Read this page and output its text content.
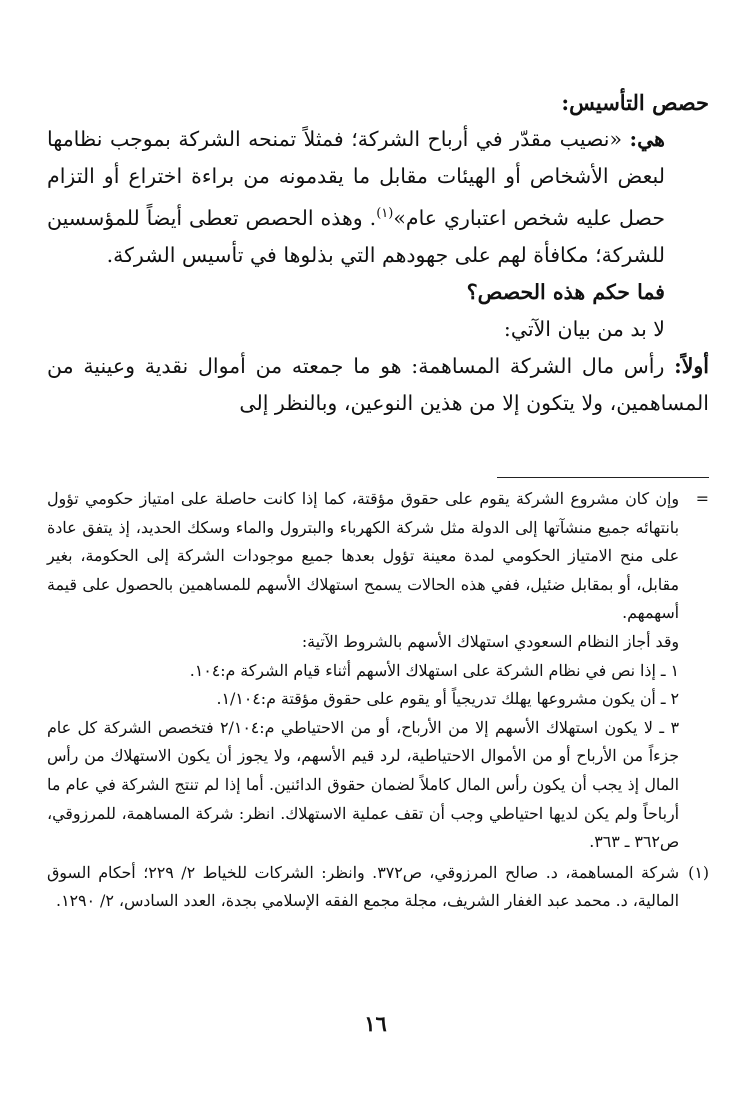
حصص التأسيس:

هي: «نصيب مقدّر في أرباح الشركة؛ فمثلاً تمنحه الشركة بموجب نظامها لبعض الأشخاص أو الهيئات مقابل ما يقدمونه من براءة اختراع أو التزام حصل عليه شخص اعتباري عام»$^{(١)}$. وهذه الحصص تعطى أيضاً للمؤسسين للشركة؛ مكافأة لهم على جهودهم التي بذلوها في تأسيس الشركة.

فما حكم هذه الحصص؟

لا بد من بيان الآتي:

أولاً: رأس مال الشركة المساهمة: هو ما جمعته من أموال نقدية وعينية من المساهمين، ولا يتكون إلا من هذين النوعين، وبالنظر إلى

=

وإن كان مشروع الشركة يقوم على حقوق مؤقتة، كما إذا كانت حاصلة على امتياز حكومي تؤول بانتهائه جميع منشآتها إلى الدولة مثل شركة الكهرباء والبترول والماء وسكك الحديد، إذ يتفق عادة على منح الامتياز الحكومي لمدة معينة تؤول بعدها جميع موجودات الشركة إلى الحكومة، بغير مقابل، أو بمقابل ضئيل، ففي هذه الحالات يسمح استهلاك الأسهم للمساهمين بالحصول على قيمة أسهمهم.

وقد أجاز النظام السعودي استهلاك الأسهم بالشروط الآتية:

١ ـ إذا نص في نظام الشركة على استهلاك الأسهم أثناء قيام الشركة م:١٠٤.

٢ ـ أن يكون مشروعها يهلك تدريجياً أو يقوم على حقوق مؤقتة م:١/١٠٤.

٣ ـ لا يكون استهلاك الأسهم إلا من الأرباح، أو من الاحتياطي م:٢/١٠٤ فتخصص الشركة كل عام جزءاً من الأرباح أو من الأموال الاحتياطية، لرد قيم الأسهم، ولا يجوز أن يكون الاستهلاك من رأس المال إذ يجب أن يكون رأس المال كاملاً لضمان حقوق الدائنين. أما إذا لم تنتج الشركة في عام ما أرباحاً ولم يكن لديها احتياطي وجب أن تقف عملية الاستهلاك. انظر: شركة المساهمة، للمرزوقي، ص٣٦٢ ـ ٣٦٣.

(١)

شركة المساهمة، د. صالح المرزوقي، ص٣٧٢. وانظر: الشركات للخياط ٢/ ٢٢٩؛ أحكام السوق المالية، د. محمد عبد الغفار الشريف، مجلة مجمع الفقه الإسلامي بجدة، العدد السادس، ٢/ ١٢٩٠.

١٦
